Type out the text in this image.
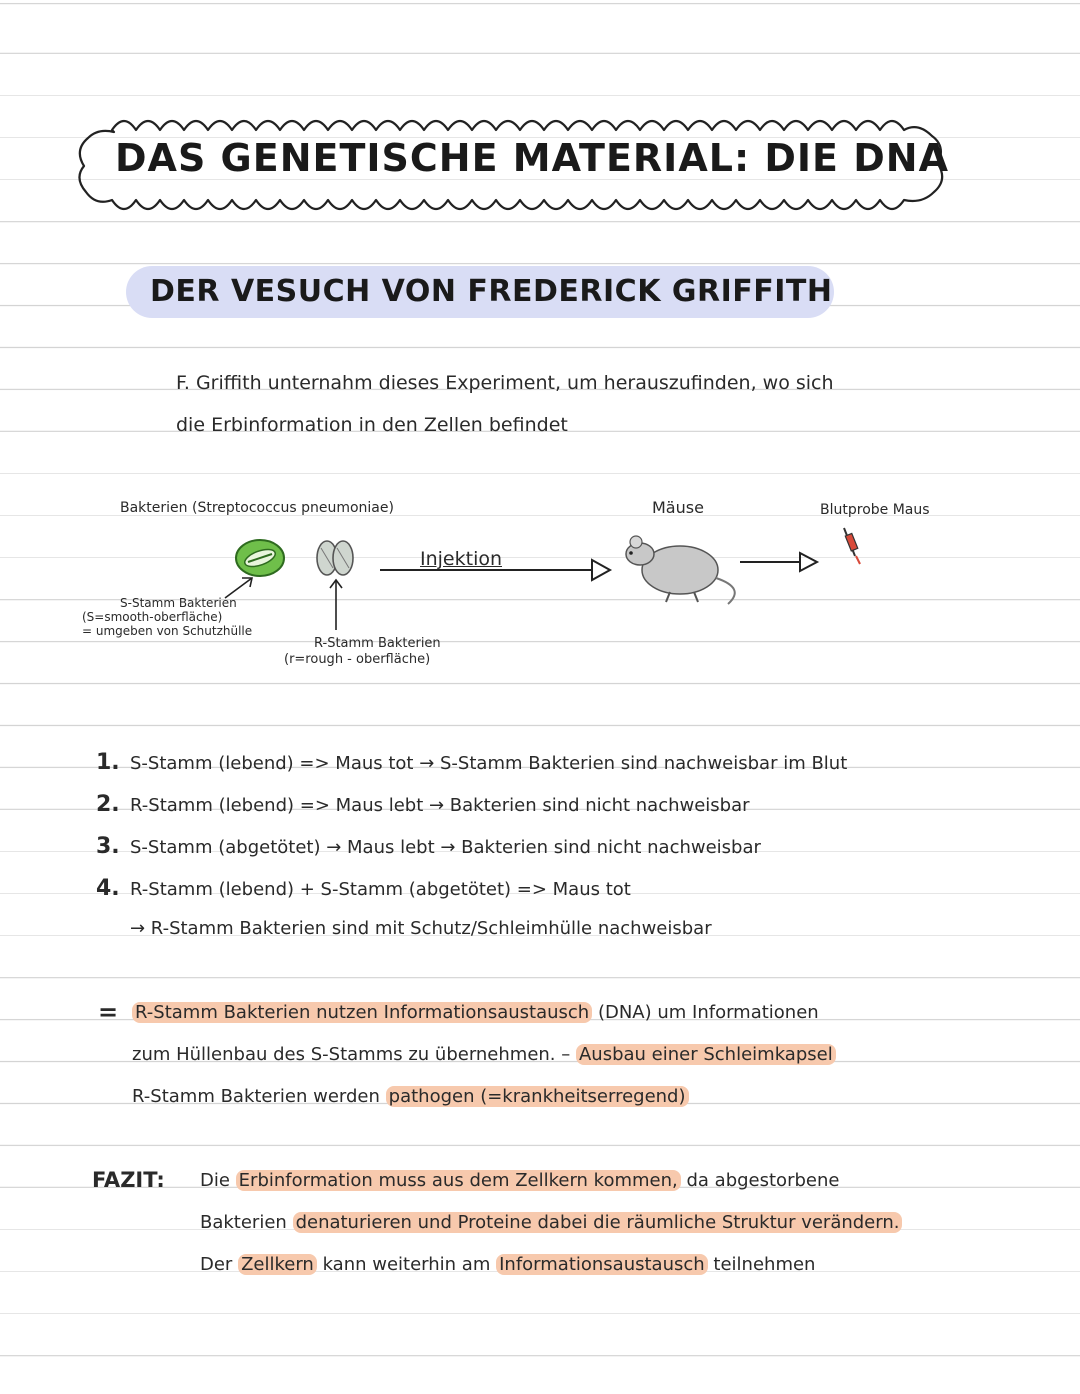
DAS GENETISCHE MATERIAL: DIE DNA
DER VESUCH VON FREDERICK GRIFFITH
F. Griffith unternahm dieses Experiment, um herauszufinden, wo sich
die Erbinformation in den Zellen befindet
Bakterien (Streptococcus pneumoniae)
Injektion
Mäuse	Blutprobe Maus
S-Stamm Bakterien
(S=smooth-oberfläche)
= umgeben von Schutzhülle
R-Stamm Bakterien
(r=rough - oberfläche)
1. S-Stamm (lebend) => Maus tot → S-Stamm Bakterien sind nachweisbar im Blut
2. R-Stamm (lebend) => Maus lebt → Bakterien sind nicht nachweisbar
3. S-Stamm (abgetötet) → Maus lebt → Bakterien sind nicht nachweisbar
4. R-Stamm (lebend) + S-Stamm (abgetötet) => Maus tot
→ R-Stamm Bakterien sind mit Schutz/Schleimhülle nachweisbar
= R-Stamm Bakterien nutzen Informationsaustausch (DNA) um Informationen
zum Hüllenbau des S-Stamms zu übernehmen. – Ausbau einer Schleimkapsel
R-Stamm Bakterien werden pathogen (=krankheitserregend)
FAZIT: Die Erbinformation muss aus dem Zellkern kommen, da abgestorbene
Bakterien denaturieren und Proteine dabei die räumliche Struktur verändern.
Der Zellkern kann weiterhin am Informationsaustausch teilnehmen
